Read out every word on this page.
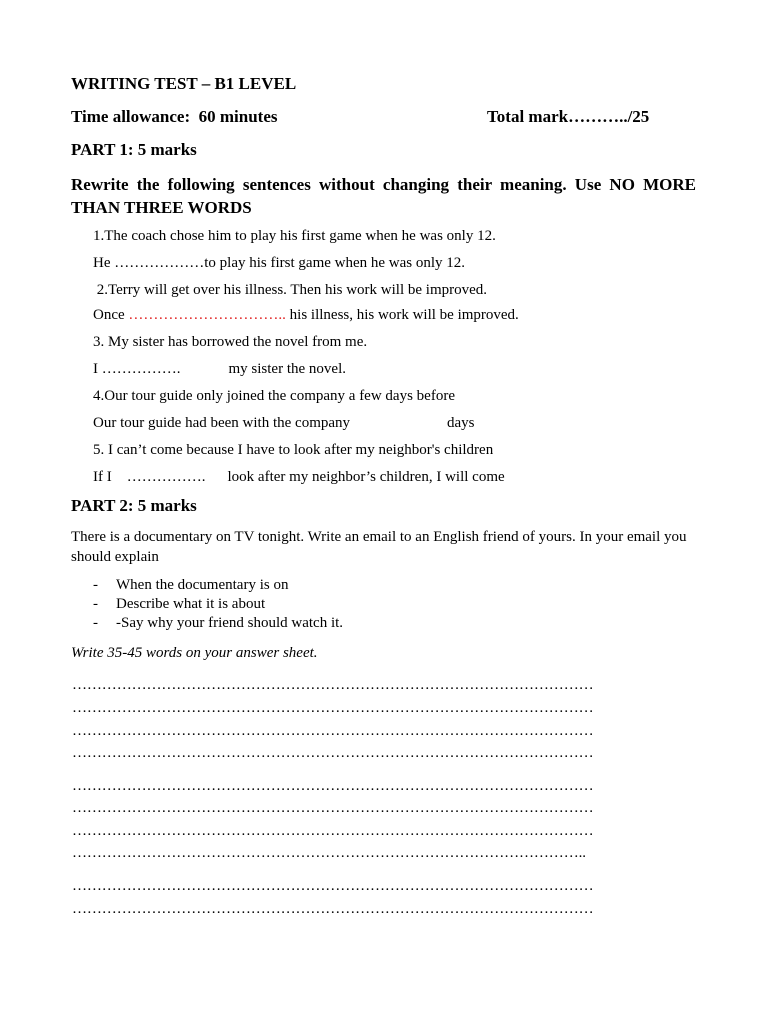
WRITING TEST – B1 LEVEL
Time allowance:  60 minutes	Total mark………../25
PART 1: 5 marks
Rewrite the following sentences without changing their meaning. Use NO MORE THAN THREE WORDS
1.The coach chose him to play his first game when he was only 12.
He ………………to play his first game when he was only 12.
2.Terry will get over his illness. Then his work will be improved.
Once ………………………….. his illness, his work will be improved.
3. My sister has borrowed the novel from me.
I …………….	my sister the novel.
4.Our tour guide only joined the company a few days before
Our tour guide had been with the company	days
5. I can’t come because I have to look after my neighbor's children
If I    ……………. look after my neighbor’s children, I will come
PART 2: 5 marks
There is a documentary on TV tonight. Write an email to an English friend of yours. In your email you should explain
- When the documentary is on
- Describe what it is about
- -Say why your friend should watch it.
Write 35-45 words on your answer sheet.
……………………………………………………………………………………………
……………………………………………………………………………………………
……………………………………………………………………………………………
……………………………………………………………………………………………
……………………………………………………………………………………………
……………………………………………………………………………………………
……………………………………………………………………………………………
…………………………………………………………………………………………..
……………………………………………………………………………………………
……………………………………………………………………………………………
